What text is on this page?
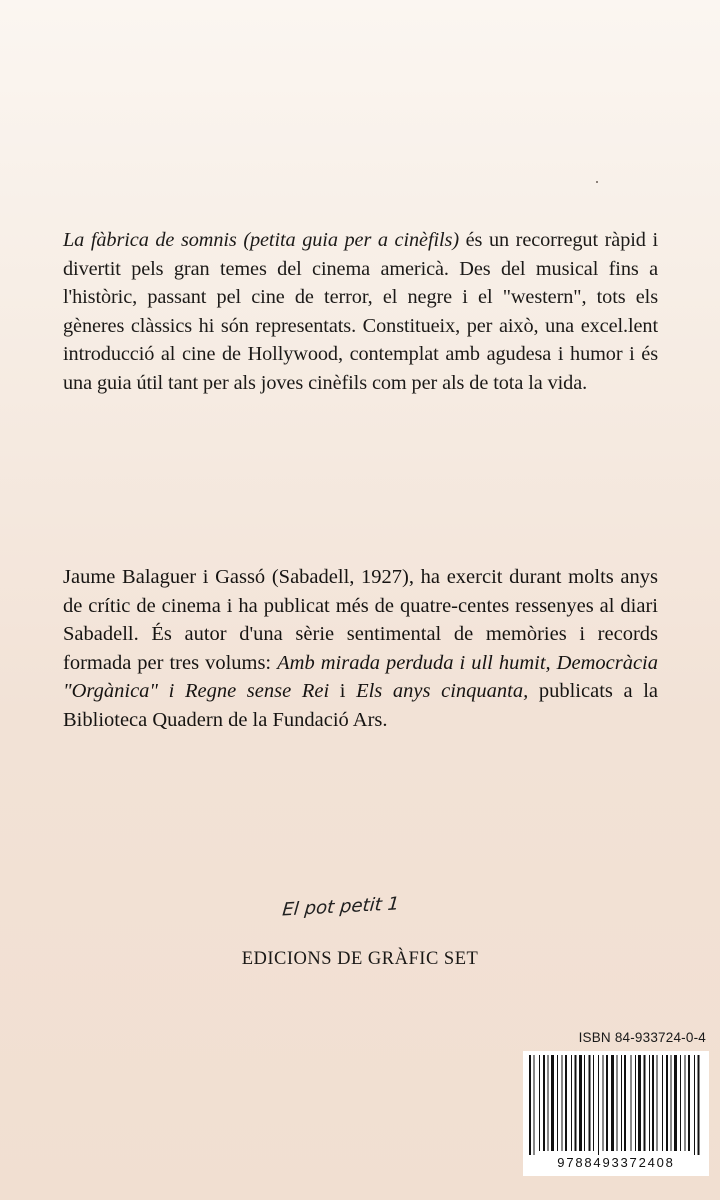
La fàbrica de somnis (petita guia per a cinèfils) és un recorregut ràpid i divertit pels gran temes del cinema americà. Des del musical fins a l'històric, passant pel cine de terror, el negre i el "western", tots els gèneres clàssics hi són representats. Constitueix, per això, una excel.lent introducció al cine de Hollywood, contemplat amb agudesa i humor i és una guia útil tant per als joves cinèfils com per als de tota la vida.
Jaume Balaguer i Gassó (Sabadell, 1927), ha exercit durant molts anys de crític de cinema i ha publicat més de quatre-centes ressenyes al diari Sabadell. És autor d'una sèrie sentimental de memòries i records formada per tres volums: Amb mirada perduda i ull humit, Democràcia "Orgànica" i Regne sense Rei i Els anys cinquanta, publicats a la Biblioteca Quadern de la Fundació Ars.
El pot petit 1
EDICIONS DE GRÀFIC SET
ISBN 84-933724-0-4
9788493372408
